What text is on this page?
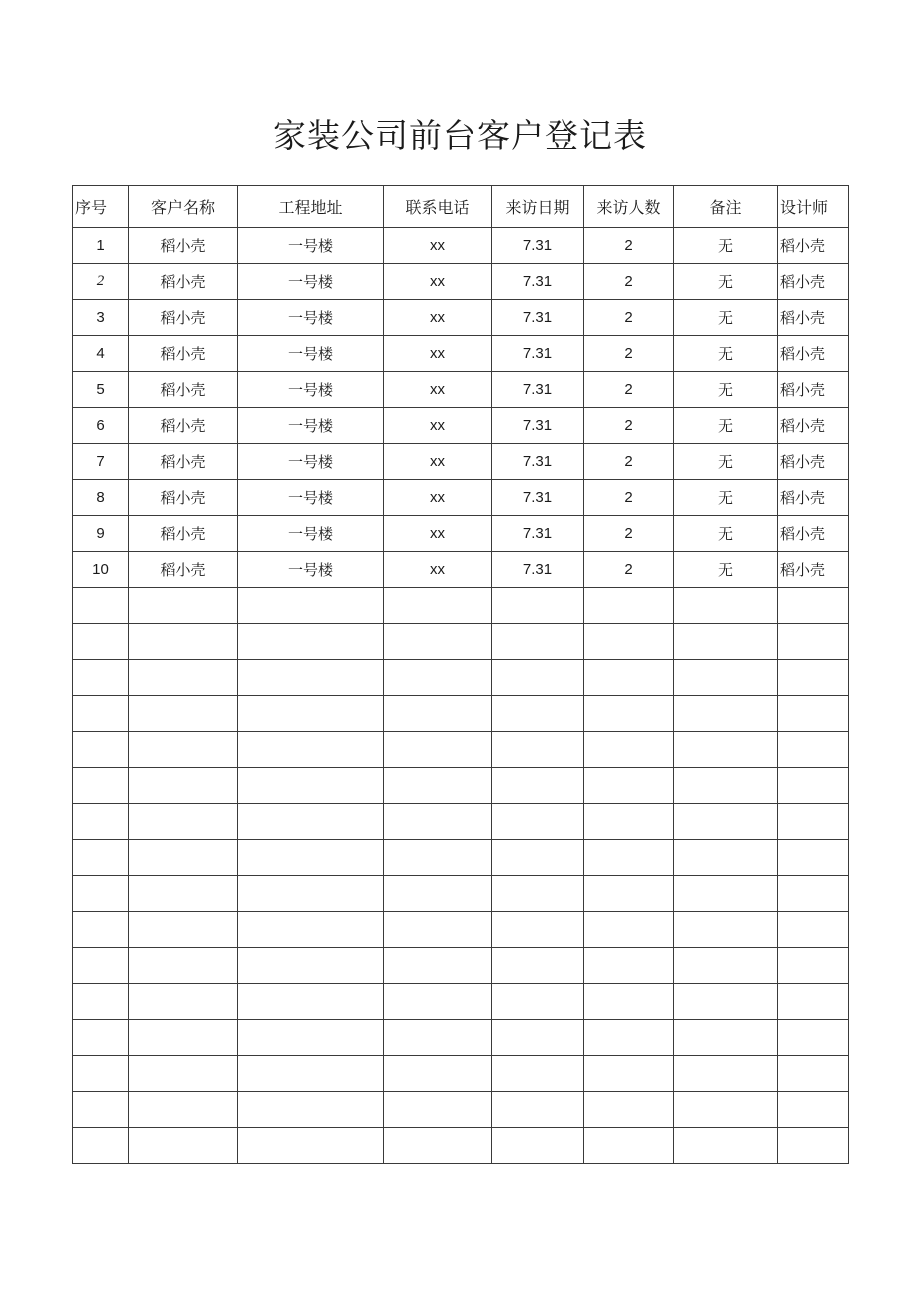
家装公司前台客户登记表
序号	客户名称	工程地址	联系电话	来访日期	来访人数	备注	设计师
1	稻小壳	一号楼	xx	7.31	2	无	稻小壳
2	稻小壳	一号楼	xx	7.31	2	无	稻小壳
3	稻小壳	一号楼	xx	7.31	2	无	稻小壳
4	稻小壳	一号楼	xx	7.31	2	无	稻小壳
5	稻小壳	一号楼	xx	7.31	2	无	稻小壳
6	稻小壳	一号楼	xx	7.31	2	无	稻小壳
7	稻小壳	一号楼	xx	7.31	2	无	稻小壳
8	稻小壳	一号楼	xx	7.31	2	无	稻小壳
9	稻小壳	一号楼	xx	7.31	2	无	稻小壳
10	稻小壳	一号楼	xx	7.31	2	无	稻小壳
